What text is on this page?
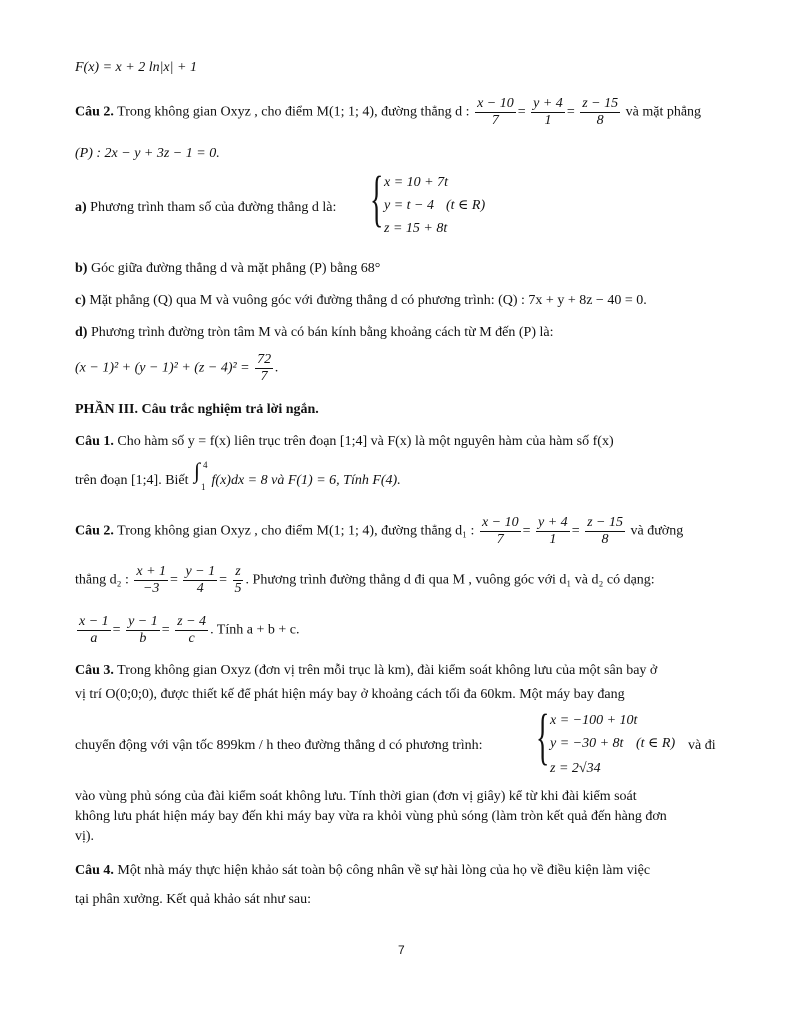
F(x) = x + 2 ln|x| + 1
Câu 2. Trong không gian Oxyz , cho điểm M(1; 1; 4), đường thẳng d : $\frac{x - 10}{7} = \frac{y + 4}{1} = \frac{z - 15}{8}$ và mặt phẳng
(P) : 2x − y + 3z − 1 = 0.
a) Phương trình tham số của đường thẳng d là: { x = 10 + 7t
y = t − 4
z = 15 + 8t
(t ∈ R)
b) Góc giữa đường thẳng d và mặt phẳng (P) bằng 68°
c) Mặt phẳng (Q) qua M và vuông góc với đường thẳng d có phương trình: (Q) : 7x + y + 8z − 40 = 0.
d) Phương trình đường tròn tâm M và có bán kính bằng khoảng cách từ M đến (P) là:
$(x - 1)^2 + (y - 1)^2 + (z - 4)^2 = \frac{72}{7}$ .
PHẦN III. Câu trắc nghiệm trả lời ngắn.
Câu 1. Cho hàm số y = f(x) liên trục trên đoạn [1;4] và F(x) là một nguyên hàm của hàm số f(x)
trên đoạn [1;4]. Biết ∫ 4
1 f(x)dx = 8 và F(1) = 6, Tính F(4).
Câu 2. Trong không gian Oxyz , cho điểm M(1; 1; 4), đường thẳng d₁ : $\frac{x - 10}{7} = \frac{y + 4}{1} = \frac{z - 15}{8}$ và đường
thẳng d₂ : $\frac{x + 1}{-3} = \frac{y - 1}{4} = \frac{z}{5}$ . Phương trình đường thẳng d đi qua M , vuông góc với d₁ và d₂ có dạng:
$\frac{x - 1}{a} = \frac{y - 1}{b} = \frac{z - 4}{c}$ . Tính a + b + c.
Câu 3. Trong không gian Oxyz (đơn vị trên mỗi trục là km), đài kiểm soát không lưu của một sân bay ở
vị trí O(0;0;0), được thiết kế để phát hiện máy bay ở khoảng cách tối đa 60km. Một máy bay đang
chuyển động với vận tốc 899km / h theo đường thẳng d có phương trình: { x = −100 + 10t
y = −30 + 8t
z = 2√34
(t ∈ R) và đi
vào vùng phủ sóng của đài kiểm soát không lưu. Tính thời gian (đơn vị giây) kể từ khi đài kiểm soát
không lưu phát hiện máy bay đến khi máy bay vừa ra khỏi vùng phủ sóng (làm tròn kết quả đến hàng đơn
vị).
Câu 4. Một nhà máy thực hiện khảo sát toàn bộ công nhân về sự hài lòng của họ về điều kiện làm việc
tại phân xưởng. Kết quả khảo sát như sau:
7
